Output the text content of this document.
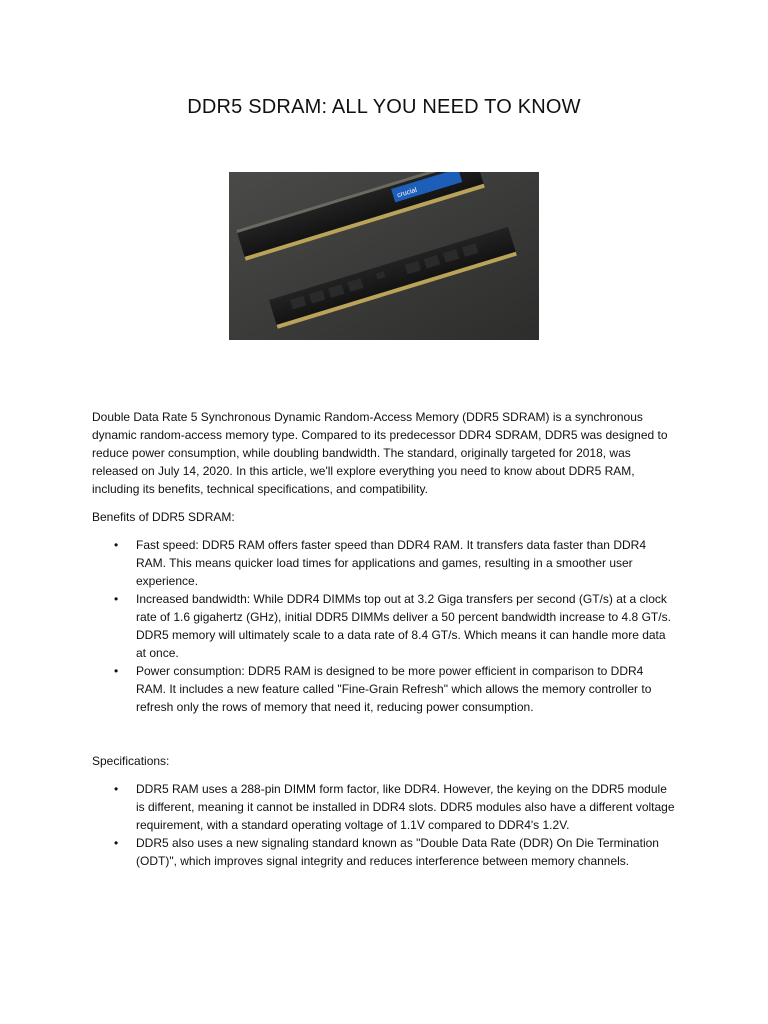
DDR5 SDRAM: ALL YOU NEED TO KNOW
crucial

Double Data Rate 5 Synchronous Dynamic Random-Access Memory (DDR5 SDRAM) is a synchronous dynamic random-access memory type. Compared to its predecessor DDR4 SDRAM, DDR5 was designed to reduce power consumption, while doubling bandwidth. The standard, originally targeted for 2018, was released on July 14, 2020. In this article, we'll explore everything you need to know about DDR5 RAM, including its benefits, technical specifications, and compatibility.

Benefits of DDR5 SDRAM:

• Fast speed: DDR5 RAM offers faster speed than DDR4 RAM. It transfers data faster than DDR4 RAM. This means quicker load times for applications and games, resulting in a smoother user experience.
• Increased bandwidth: While DDR4 DIMMs top out at 3.2 Giga transfers per second (GT/s) at a clock rate of 1.6 gigahertz (GHz), initial DDR5 DIMMs deliver a 50 percent bandwidth increase to 4.8 GT/s. DDR5 memory will ultimately scale to a data rate of 8.4 GT/s. Which means it can handle more data at once.
• Power consumption: DDR5 RAM is designed to be more power efficient in comparison to DDR4 RAM. It includes a new feature called "Fine-Grain Refresh" which allows the memory controller to refresh only the rows of memory that need it, reducing power consumption.

Specifications:

• DDR5 RAM uses a 288-pin DIMM form factor, like DDR4. However, the keying on the DDR5 module is different, meaning it cannot be installed in DDR4 slots. DDR5 modules also have a different voltage requirement, with a standard operating voltage of 1.1V compared to DDR4's 1.2V.
• DDR5 also uses a new signaling standard known as "Double Data Rate (DDR) On Die Termination (ODT)", which improves signal integrity and reduces interference between memory channels.
